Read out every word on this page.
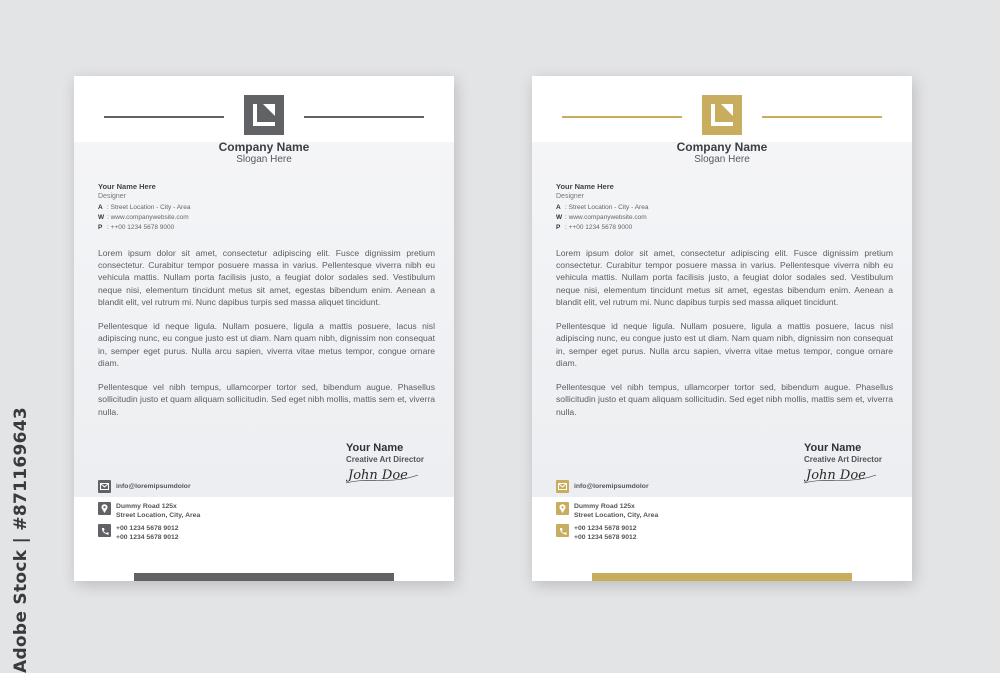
Adobe Stock | #871169643
Company Name
Slogan Here
Your Name Here
Designer
A : Street Location - City - Area
W : www.companywebsite.com
P : ++00 1234 5678 9000

Lorem ipsum dolor sit amet, consectetur adipiscing elit. Fusce dignissim pretium consectetur. Curabitur tempor posuere massa in varius. Pellentesque viverra nibh eu vehicula mattis. Nullam porta facilisis justo, a feugiat dolor sodales sed. Vestibulum neque nisi, elementum tincidunt metus sit amet, egestas bibendum enim. Aenean a blandit elit, vel rutrum mi. Nunc dapibus turpis sed massa aliquet tincidunt.

Pellentesque id neque ligula. Nullam posuere, ligula a mattis posuere, lacus nisl adipiscing nunc, eu congue justo est ut diam. Nam quam nibh, dignissim non consequat in, semper eget purus. Nulla arcu sapien, viverra vitae metus tempor, congue ornare diam.

Pellentesque vel nibh tempus, ullamcorper tortor sed, bibendum augue. Phasellus sollicitudin justo et quam aliquam sollicitudin. Sed eget nibh mollis, mattis sem et, viverra nulla.

Your Name
Creative Art Director
John Doe
info@loremipsumdolor
Dummy Road 125x
Street Location, City, Area
+00 1234 5678 9012
+00 1234 5678 9012
Company Name
Slogan Here
Your Name Here
Designer
A : Street Location - City - Area
W : www.companywebsite.com
P : ++00 1234 5678 9000

Lorem ipsum dolor sit amet, consectetur adipiscing elit. Fusce dignissim pretium consectetur. Curabitur tempor posuere massa in varius. Pellentesque viverra nibh eu vehicula mattis. Nullam porta facilisis justo, a feugiat dolor sodales sed. Vestibulum neque nisi, elementum tincidunt metus sit amet, egestas bibendum enim. Aenean a blandit elit, vel rutrum mi. Nunc dapibus turpis sed massa aliquet tincidunt.

Pellentesque id neque ligula. Nullam posuere, ligula a mattis posuere, lacus nisl adipiscing nunc, eu congue justo est ut diam. Nam quam nibh, dignissim non consequat in, semper eget purus. Nulla arcu sapien, viverra vitae metus tempor, congue ornare diam.

Pellentesque vel nibh tempus, ullamcorper tortor sed, bibendum augue. Phasellus sollicitudin justo et quam aliquam sollicitudin. Sed eget nibh mollis, mattis sem et, viverra nulla.

Your Name
Creative Art Director
John Doe
info@loremipsumdolor
Dummy Road 125x
Street Location, City, Area
+00 1234 5678 9012
+00 1234 5678 9012
